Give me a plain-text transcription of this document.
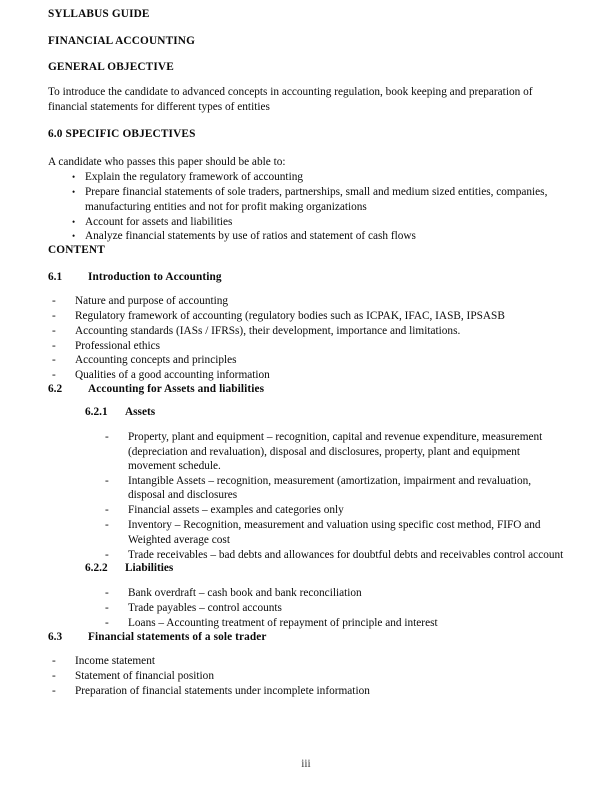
SYLLABUS GUIDE
FINANCIAL ACCOUNTING
GENERAL OBJECTIVE

To introduce the candidate to advanced concepts in accounting regulation, book keeping and preparation of financial statements for different types of entities

6.0 SPECIFIC OBJECTIVES

A candidate who passes this paper should be able to:

• Explain the regulatory framework of accounting
• Prepare financial statements of sole traders, partnerships, small and medium sized entities, companies, manufacturing entities and not for profit making organizations
• Account for assets and liabilities
• Analyze financial statements by use of ratios and statement of cash flows
CONTENT
6.1	Introduction to Accounting
- Nature and purpose of accounting
- Regulatory framework of accounting (regulatory bodies such as ICPAK, IFAC, IASB, IPSASB
- Accounting standards (IASs / IFRSs), their development, importance and limitations.
- Professional ethics
- Accounting concepts and principles
- Qualities of a good accounting information
6.2	Accounting for Assets and liabilities
6.2.1	Assets
- Property, plant and equipment – recognition, capital and revenue expenditure, measurement (depreciation and revaluation), disposal and disclosures, property, plant and equipment movement schedule.
- Intangible Assets – recognition, measurement (amortization, impairment and revaluation, disposal and disclosures
- Financial assets – examples and categories only
- Inventory – Recognition, measurement and valuation using specific cost method, FIFO and Weighted average cost
- Trade receivables – bad debts and allowances for doubtful debts and receivables control account
6.2.2	Liabilities
- Bank overdraft – cash book and bank reconciliation
- Trade payables – control accounts
- Loans – Accounting treatment of repayment of principle and interest
6.3	Financial statements of a sole trader
- Income statement
- Statement of financial position
- Preparation of financial statements under incomplete information
iii
